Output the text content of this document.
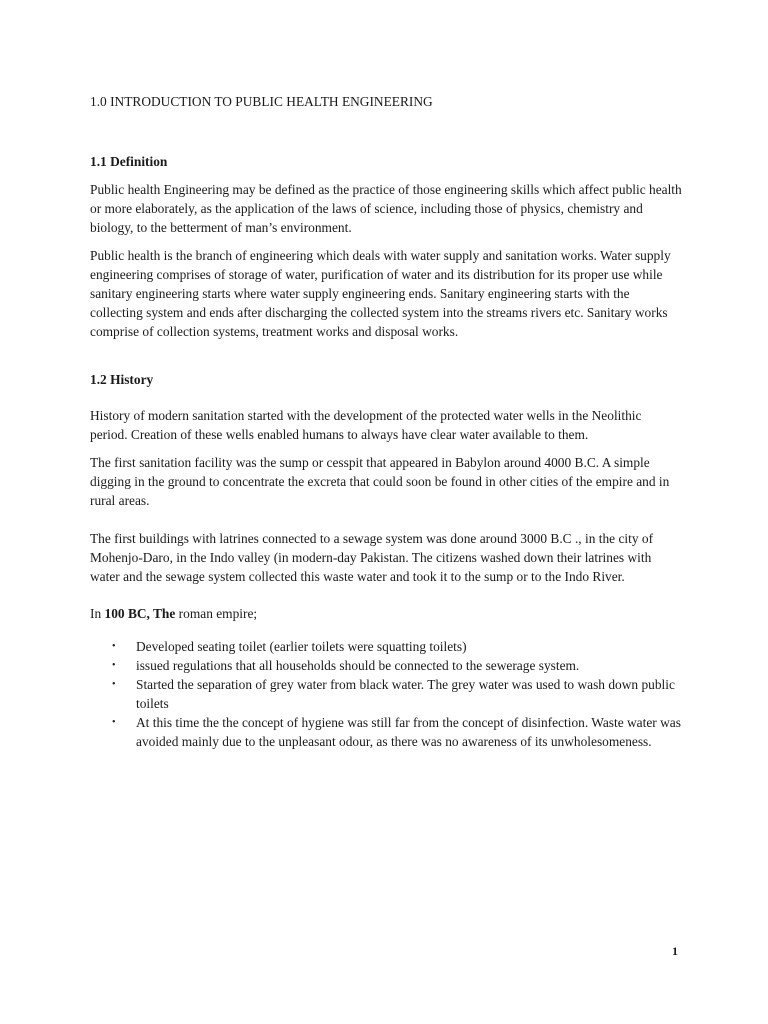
1.0 INTRODUCTION TO PUBLIC HEALTH ENGINEERING
1.1 Definition

Public health Engineering may be defined as the practice of those engineering skills which affect public health or more elaborately, as the application of the laws of science, including those of physics, chemistry and biology, to the betterment of man’s environment.

Public health is the branch of engineering which deals with water supply and sanitation works. Water supply engineering comprises of storage of water, purification of water and its distribution for its proper use while sanitary engineering starts where water supply engineering ends. Sanitary engineering starts with the collecting system and ends after discharging the collected system into the streams rivers etc. Sanitary works comprise of collection systems, treatment works and disposal works.

1.2 History

History of modern sanitation started with the development of the protected water wells in the Neolithic period. Creation of these wells enabled humans to always have clear water available to them.

The first sanitation facility was the sump or cesspit that appeared in Babylon around 4000 B.C. A simple digging in the ground to concentrate the excreta that could soon be found in other cities of the empire and in rural areas.

The first buildings with latrines connected to a sewage system was done around 3000 B.C ., in the city of Mohenjo-Daro, in the Indo valley (in modern-day Pakistan. The citizens washed down their latrines with water and the sewage system collected this waste water and took it to the sump or to the Indo River.

In 100 BC, The roman empire;

• Developed seating toilet (earlier toilets were squatting toilets)
• issued regulations that all households should be connected to the sewerage system.
• Started the separation of grey water from black water. The grey water was used to wash down public toilets
• At this time the the concept of hygiene was still far from the concept of disinfection. Waste water was avoided mainly due to the unpleasant odour, as there was no awareness of its unwholesomeness.
1
